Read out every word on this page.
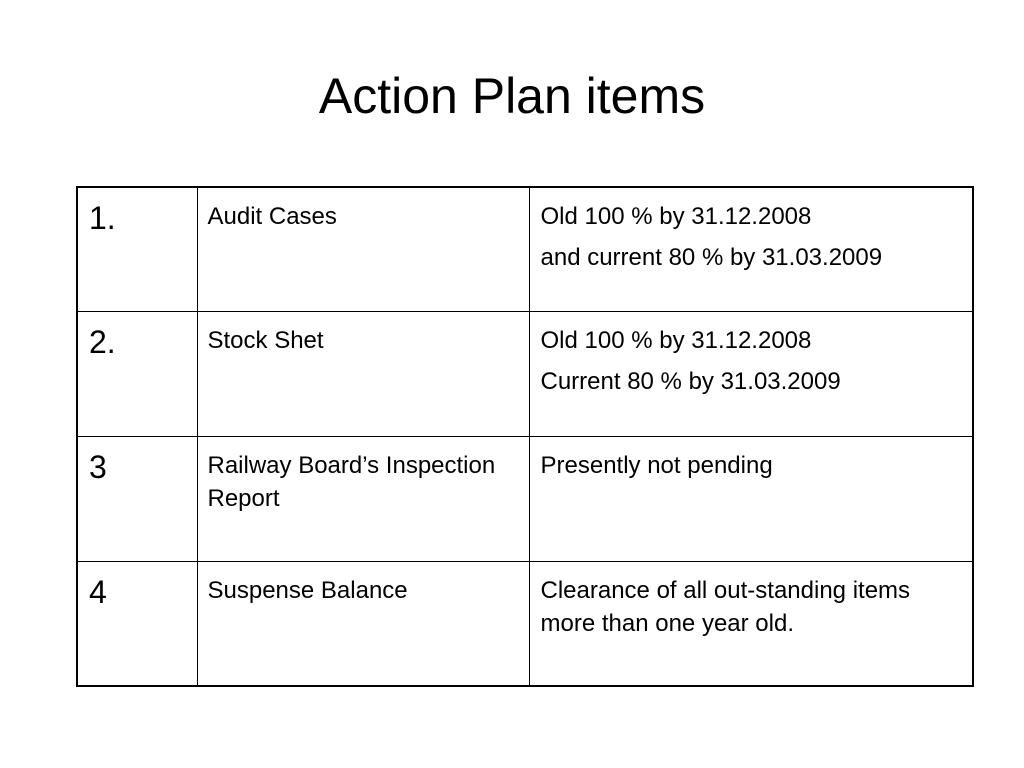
Action Plan items
1.	Audit Cases	Old 100 % by 31.12.2008
and current 80 % by 31.03.2009

2.	Stock Shet	Old 100 % by 31.12.2008
Current 80 % by 31.03.2009

3	Railway Board’s Inspection Report	Presently not pending

4	Suspense Balance	Clearance of all out-standing items more than one year old.
